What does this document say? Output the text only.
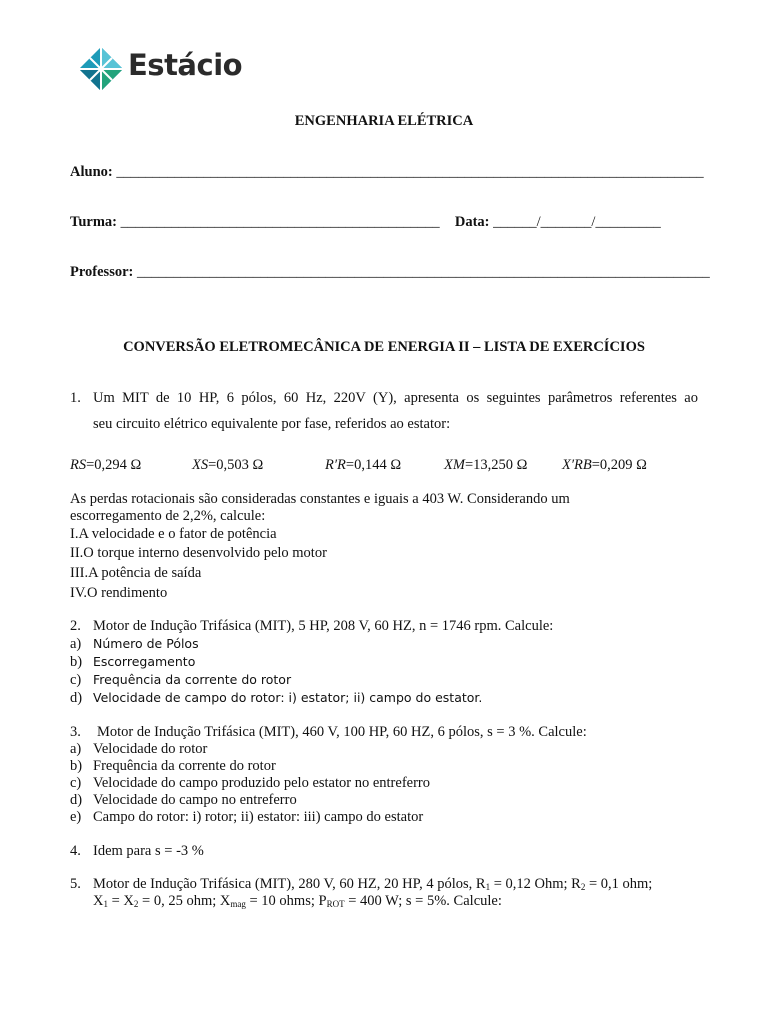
Estácio
ENGENHARIA ELÉTRICA
Aluno: _________________________________________________________________________________
Turma: ____________________________________________ Data: ______/_______/_________
Professor: _______________________________________________________________________________
CONVERSÃO ELETROMECÂNICA DE ENERGIA II – LISTA DE EXERCÍCIOS
1. Um MIT de 10 HP, 6 pólos, 60 Hz, 220V (Y), apresenta os seguintes parâmetros referentes ao
seu circuito elétrico equivalente por fase, referidos ao estator:
RS=0,294 Ω	XS=0,503 Ω	R′R=0,144 Ω	XM=13,250 Ω X′RB=0,209 Ω
As perdas rotacionais são consideradas constantes e iguais a 403 W. Considerando um
escorregamento de 2,2%, calcule:
I.A velocidade e o fator de potência
II.O torque interno desenvolvido pelo motor
III.A potência de saída
IV.O rendimento
2. Motor de Indução Trifásica (MIT), 5 HP, 208 V, 60 HZ, n = 1746 rpm. Calcule:
a) Número de Pólos
b) Escorregamento
c) Frequência da corrente do rotor
d) Velocidade de campo do rotor: i) estator; ii) campo do estator.
3. Motor de Indução Trifásica (MIT), 460 V, 100 HP, 60 HZ, 6 pólos, s = 3 %. Calcule:
a) Velocidade do rotor
b) Frequência da corrente do rotor
c) Velocidade do campo produzido pelo estator no entreferro
d) Velocidade do campo no entreferro
e) Campo do rotor: i) rotor; ii) estator: iii) campo do estator
4. Idem para s = -3 %
5. Motor de Indução Trifásica (MIT), 280 V, 60 HZ, 20 HP, 4 pólos, $R_1 = 0,12$ Ohm; $R_2 = 0,1$ ohm;
$X_1 = X_2 = 0$, 25 ohm; $X_{mag} = 10$ ohms; $P_{ROT} = 400$ W; s = 5%. Calcule:
